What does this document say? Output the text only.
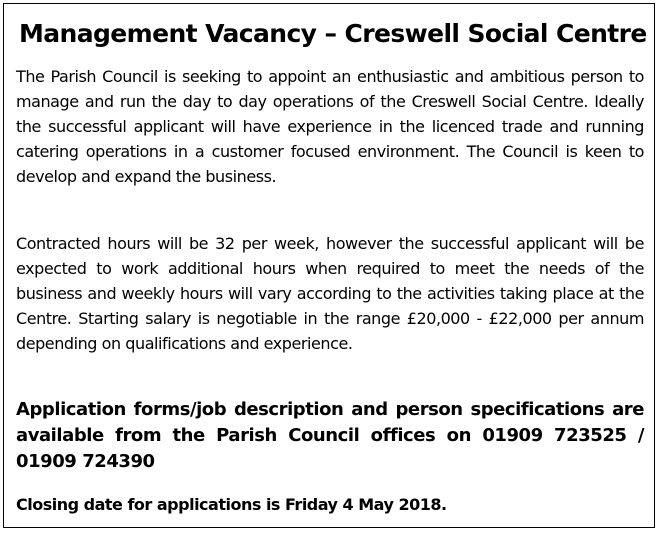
Management Vacancy – Creswell Social Centre

The Parish Council is seeking to appoint an enthusiastic and ambitious person to manage and run the day to day operations of the Creswell Social Centre. Ideally the successful applicant will have experience in the licenced trade and running catering operations in a customer focused environment. The Council is keen to develop and expand the business.

Contracted hours will be 32 per week, however the successful applicant will be expected to work additional hours when required to meet the needs of the business and weekly hours will vary according to the activities taking place at the Centre. Starting salary is negotiable in the range £20,000 - £22,000 per annum depending on qualifications and experience.

Application forms/job description and person specifications are available from the Parish Council offices on 01909 723525 / 01909 724390

Closing date for applications is Friday 4 May 2018.
